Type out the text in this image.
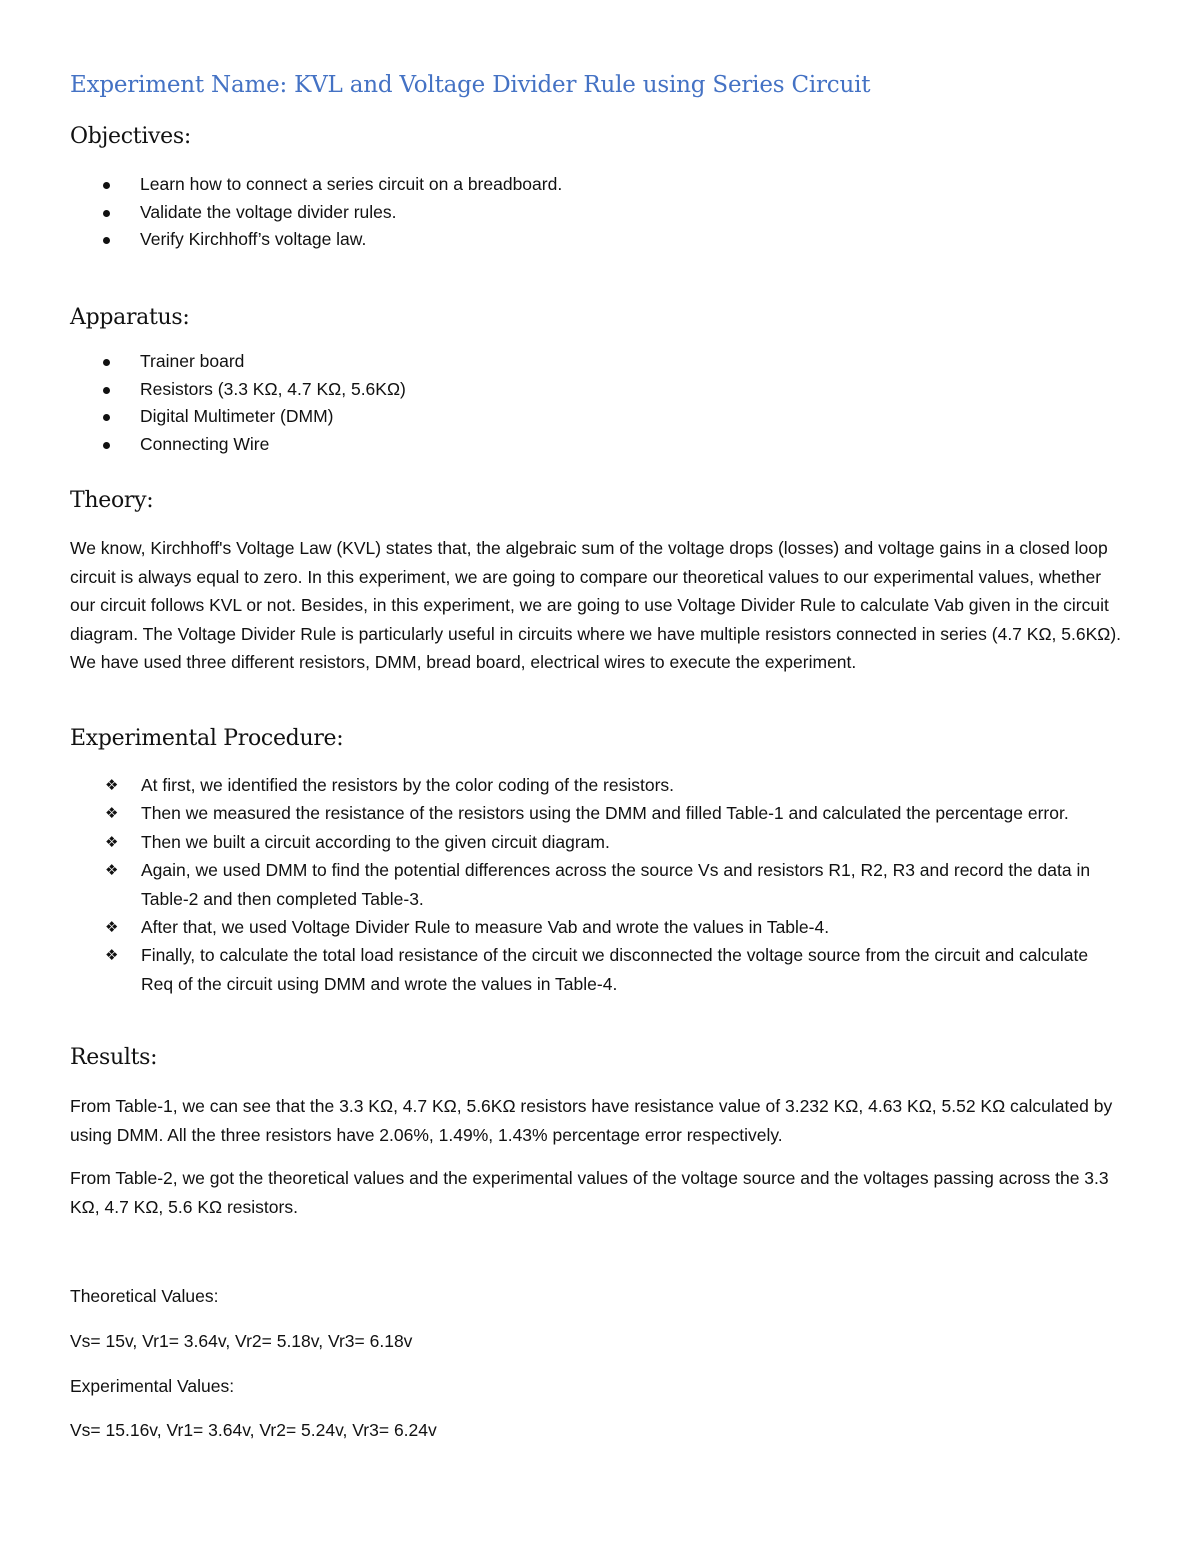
Experiment Name: KVL and Voltage Divider Rule using Series Circuit
Objectives:
Learn how to connect a series circuit on a breadboard.
Validate the voltage divider rules.
Verify Kirchhoff’s voltage law.
Apparatus:
Trainer board
Resistors (3.3 KΩ, 4.7 KΩ, 5.6KΩ)
Digital Multimeter (DMM)
Connecting Wire
Theory:

We know, Kirchhoff's Voltage Law (KVL) states that, the algebraic sum of the voltage drops (losses) and voltage gains in a closed loop circuit is always equal to zero. In this experiment, we are going to compare our theoretical values to our experimental values, whether our circuit follows KVL or not. Besides, in this experiment, we are going to use Voltage Divider Rule to calculate Vab given in the circuit diagram. The Voltage Divider Rule is particularly useful in circuits where we have multiple resistors connected in series (4.7 KΩ, 5.6KΩ). We have used three different resistors, DMM, bread board, electrical wires to execute the experiment.

Experimental Procedure:
❖ At first, we identified the resistors by the color coding of the resistors.
❖ Then we measured the resistance of the resistors using the DMM and filled Table-1 and calculated the percentage error.
❖ Then we built a circuit according to the given circuit diagram.
❖ Again, we used DMM to find the potential differences across the source Vs and resistors R1, R2, R3 and record the data in Table-2 and then completed Table-3.
❖ After that, we used Voltage Divider Rule to measure Vab and wrote the values in Table-4.
❖ Finally, to calculate the total load resistance of the circuit we disconnected the voltage source from the circuit and calculate Req of the circuit using DMM and wrote the values in Table-4.
Results:

From Table-1, we can see that the 3.3 KΩ, 4.7 KΩ, 5.6KΩ resistors have resistance value of 3.232 KΩ, 4.63 KΩ, 5.52 KΩ calculated by using DMM. All the three resistors have 2.06%, 1.49%, 1.43% percentage error respectively.

From Table-2, we got the theoretical values and the experimental values of the voltage source and the voltages passing across the 3.3 KΩ, 4.7 KΩ, 5.6 KΩ resistors.

Theoretical Values:
Vs= 15v, Vr1= 3.64v, Vr2= 5.18v, Vr3= 6.18v
Experimental Values:
Vs= 15.16v, Vr1= 3.64v, Vr2= 5.24v, Vr3= 6.24v
